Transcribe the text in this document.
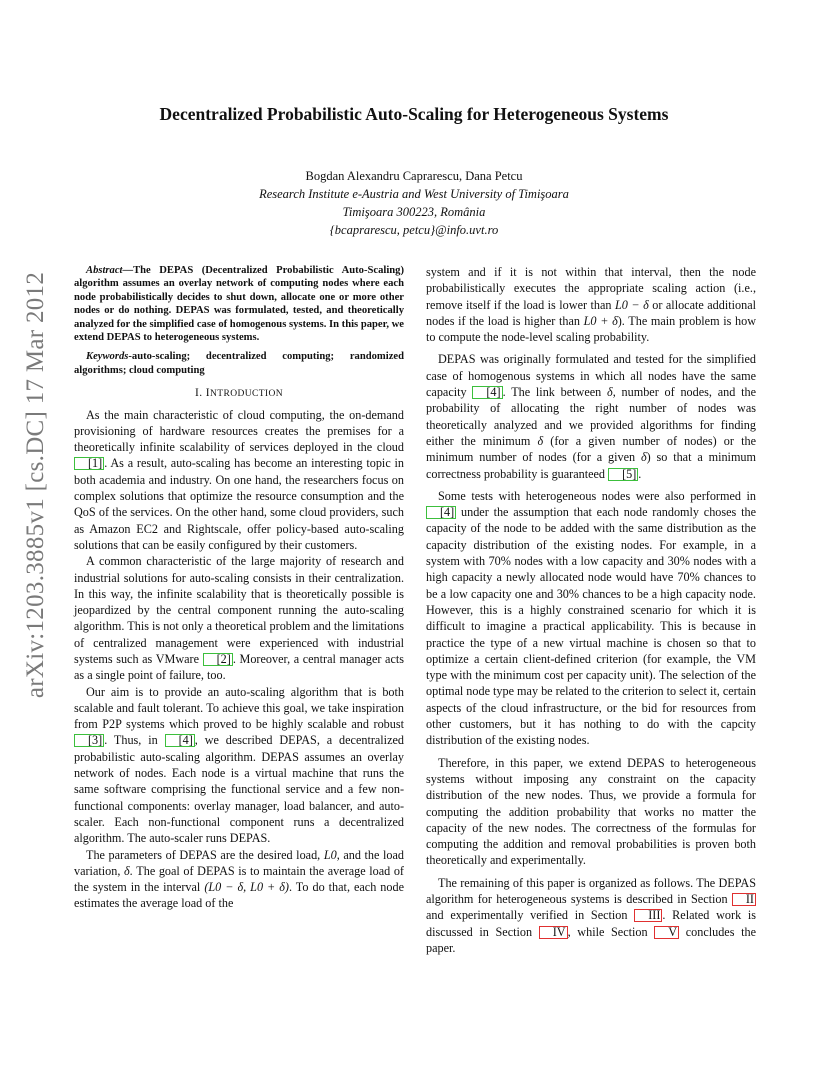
arXiv:1203.3885v1 [cs.DC] 17 Mar 2012
Decentralized Probabilistic Auto-Scaling for Heterogeneous Systems
Bogdan Alexandru Caprarescu, Dana Petcu
Research Institute e-Austria and West University of Timişoara
Timişoara 300223, România
{bcaprarescu, petcu}@info.uvt.ro

Abstract—The DEPAS (Decentralized Probabilistic Auto-Scaling) algorithm assumes an overlay network of computing nodes where each node probabilistically decides to shut down, allocate one or more other nodes or do nothing. DEPAS was formulated, tested, and theoretically analyzed for the simplified case of homogenous systems. In this paper, we extend DEPAS to heterogeneous systems.

Keywords-auto-scaling; decentralized computing; randomized algorithms; cloud computing

I. INTRODUCTION

As the main characteristic of cloud computing, the on-demand provisioning of hardware resources creates the premises for a theoretically infinite scalability of services deployed in the cloud [1] . As a result, auto-scaling has become an interesting topic in both academia and industry. On one hand, the researchers focus on complex solutions that optimize the resource consumption and the QoS of the services. On the other hand, some cloud providers, such as Amazon EC2 and Rightscale, offer policy-based auto-scaling solutions that can be easily configured by their customers.

A common characteristic of the large majority of research and industrial solutions for auto-scaling consists in their centralization. In this way, the infinite scalability that is theoretically possible is jeopardized by the central component running the auto-scaling algorithm. This is not only a theoretical problem and the limitations of centralized management were experienced with industrial systems such as VMware [2] . Moreover, a central manager acts as a single point of failure, too.

Our aim is to provide an auto-scaling algorithm that is both scalable and fault tolerant. To achieve this goal, we take inspiration from P2P systems which proved to be highly scalable and robust [3] . Thus, in [4] , we described DEPAS, a decentralized probabilistic auto-scaling algorithm. DEPAS assumes an overlay network of nodes. Each node is a virtual machine that runs the same software comprising the functional service and a few non-functional components: overlay manager, load balancer, and auto-scaler. Each non-functional component runs a decentralized algorithm. The auto-scaler runs DEPAS.

The parameters of DEPAS are the desired load, L0, and the load variation, δ. The goal of DEPAS is to maintain the average load of the system in the interval (L0 − δ, L0 + δ). To do that, each node estimates the average load of the

system and if it is not within that interval, then the node probabilistically executes the appropriate scaling action (i.e., remove itself if the load is lower than L0 − δ or allocate additional nodes if the load is higher than L0 + δ). The main problem is how to compute the node-level scaling probability.

DEPAS was originally formulated and tested for the simplified case of homogenous systems in which all nodes have the same capacity [4] . The link between δ, number of nodes, and the probability of allocating the right number of nodes was theoretically analyzed and we provided algorithms for finding either the minimum δ (for a given number of nodes) or the minimum number of nodes (for a given δ) so that a minimum correctness probability is guaranteed [5] .

Some tests with heterogeneous nodes were also performed in [4] under the assumption that each node randomly choses the capacity of the node to be added with the same distribution as the capacity distribution of the existing nodes. For example, in a system with 70% nodes with a low capacity and 30% nodes with a high capacity a newly allocated node would have 70% chances to be a low capacity one and 30% chances to be a high capacity node. However, this is a highly constrained scenario for which it is difficult to imagine a practical applicability. This is because in practice the type of a new virtual machine is chosen so that to optimize a certain client-defined criterion (for example, the VM type with the minimum cost per capacity unit). The selection of the optimal node type may be related to the criterion to select it, certain aspects of the cloud infrastructure, or the bid for resources from other customers, but it has nothing to do with the capcity distribution of the existing nodes.

Therefore, in this paper, we extend DEPAS to heterogeneous systems without imposing any constraint on the capacity distribution of the new nodes. Thus, we provide a formula for computing the addition probability that works no matter the capacity of the new nodes. The correctness of the formulas for computing the addition and removal probabilities is proven both theoretically and experimentally.

The remaining of this paper is organized as follows. The DEPAS algorithm for heterogeneous systems is described in Section II and experimentally verified in Section III . Related work is discussed in Section IV , while Section V concludes the paper.
